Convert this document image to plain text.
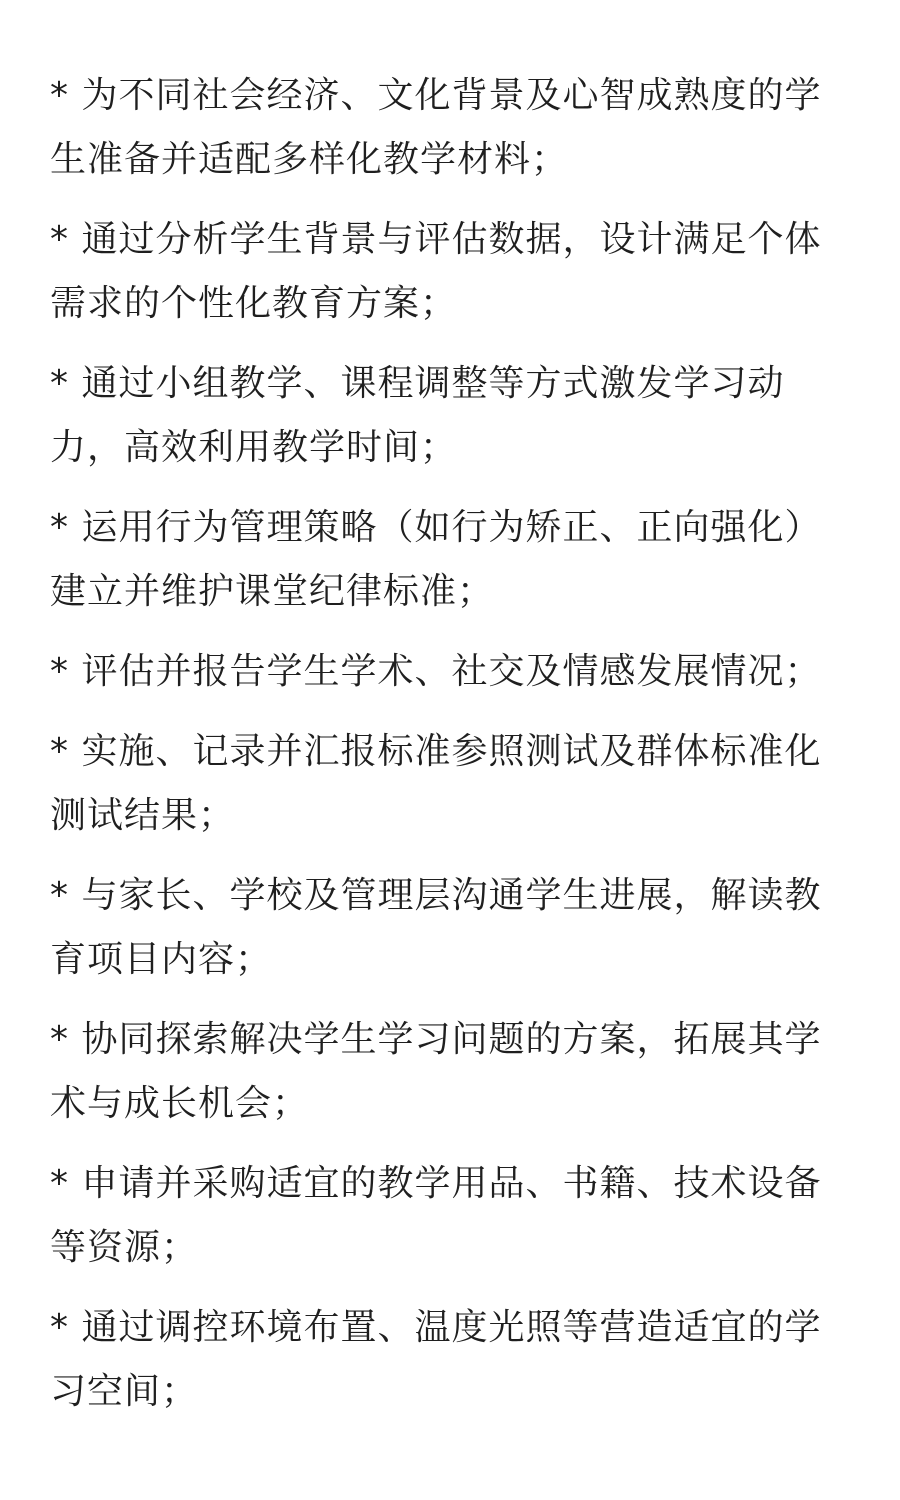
* 为不同社会经济、文化背景及心智成熟度的学生准备并适配多样化教学材料；

* 通过分析学生背景与评估数据，设计满足个体需求的个性化教育方案；

* 通过小组教学、课程调整等方式激发学习动力，高效利用教学时间；

* 运用行为管理策略（如行为矫正、正向强化）建立并维护课堂纪律标准；

* 评估并报告学生学术、社交及情感发展情况；

* 实施、记录并汇报标准参照测试及群体标准化测试结果；

* 与家长、学校及管理层沟通学生进展，解读教育项目内容；

* 协同探索解决学生学习问题的方案，拓展其学术与成长机会；

* 申请并采购适宜的教学用品、书籍、技术设备等资源；

* 通过调控环境布置、温度光照等营造适宜的学习空间；
